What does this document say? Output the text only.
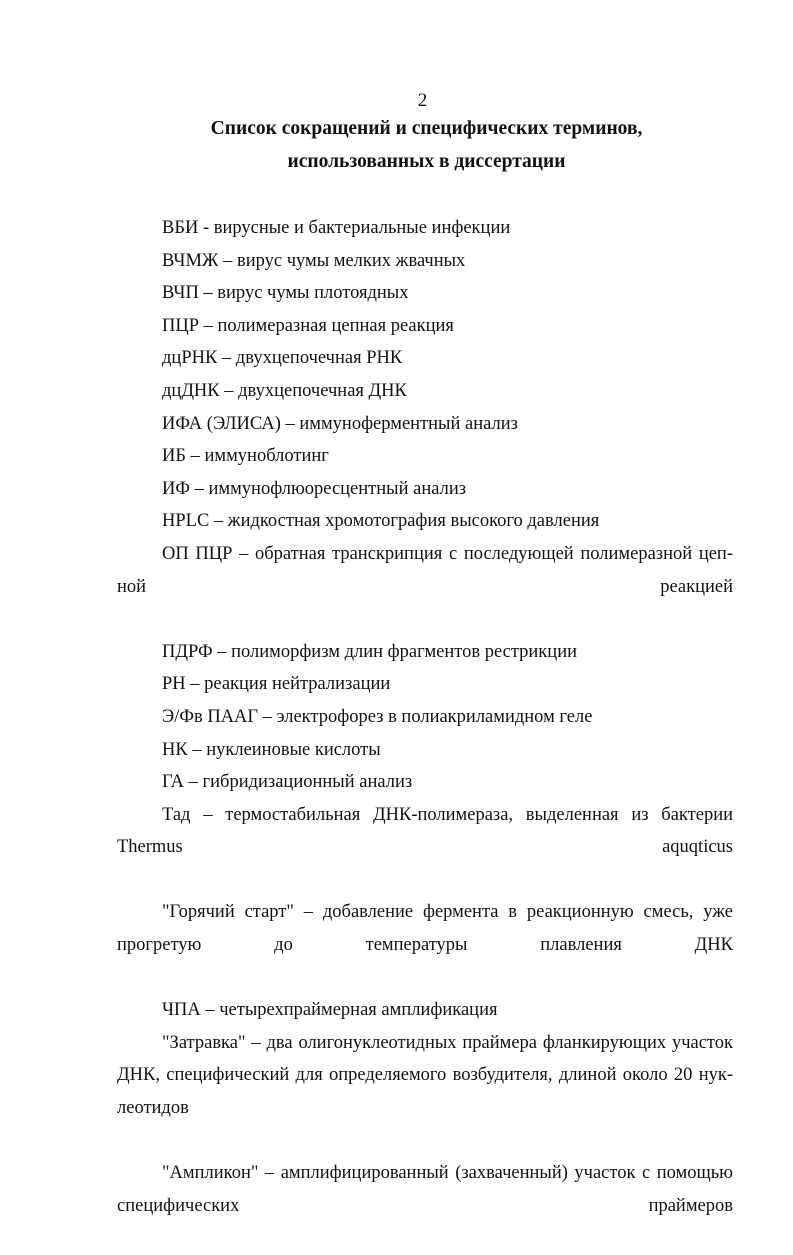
2
Список сокращений и специфических терминов,
использованных в диссертации

ВБИ - вирусные и бактериальные инфекции

ВЧМЖ – вирус чумы мелких жвачных

ВЧП – вирус чумы плотоядных

ПЦР – полимеразная цепная реакция

дцРНК – двухцепочечная РНК

дцДНК – двухцепочечная ДНК

ИФА (ЭЛИСА) – иммуноферментный анализ

ИБ – иммуноблотинг

ИФ – иммунофлюоресцентный анализ

HPLC – жидкостная хромотография высокого давления

ОП ПЦР – обратная транскрипция с последующей полимеразной цеп-ной реакцией

ПДРФ – полиморфизм длин фрагментов рестрикции

РН – реакция нейтрализации

Э/Фв ПААГ – электрофорез в полиакриламидном геле

НК – нуклеиновые кислоты

ГА – гибридизационный анализ

Тад – термостабильная ДНК-полимераза, выделенная из бактерии Thermus aquqticus

"Горячий старт" – добавление фермента в реакционную смесь, уже прогретую до температуры плавления ДНК

ЧПА – четырехпраймерная амплификация

"Затравка" – два олигонуклеотидных праймера фланкирующих участок ДНК, специфический для определяемого возбудителя, длиной около 20 нук-леотидов

"Ампликон" – амплифицированный (захваченный) участок с помощью специфических праймеров
